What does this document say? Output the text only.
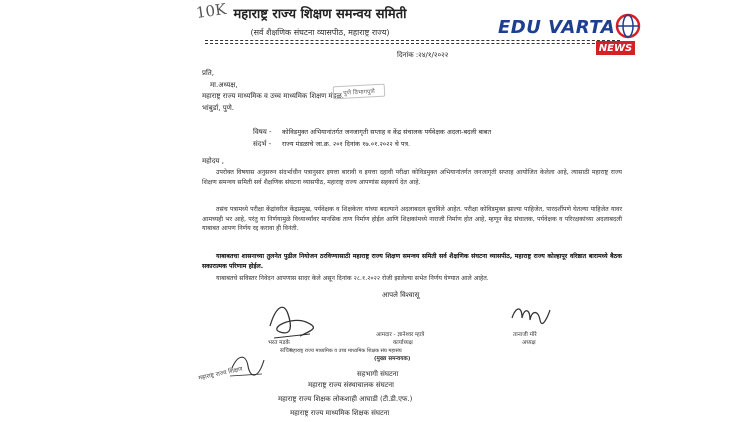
10K महाराष्ट्र राज्य शिक्षण समन्वय समिती
(सर्व शैक्षणिक संघटना व्यासपीठ, महाराष्ट्र राज्य)	EDU VARTA
NEWS
दिनांक :२४/१/२०२२
प्रति,
मा.अध्यक्ष,
महाराष्ट्र राज्य माध्यमिक व उच्च माध्यमिक शिक्षण मंडळ, पुणे विभागपुणे
भांबुर्डा, पुणे.
विषय - कोविडमुक्त अभियानांतर्गत जनजागृती सप्ताह व केंद्र संचालक पर्यवेक्षक अदला-बदली बाबत
संदर्भ - राज्य मंडळाचे जा.क्र. २०१ दिनांक १७.०१.२०२२ चे पत्र.
महोदय ,
उपरोक्त विषयास अनुसरुन संदर्भाधीन पत्रानुसार इयत्ता बारावी व इयत्ता दहावी परीक्षा कोविडमुक्त अभियानांतर्गत जनजागृती सप्ताह आयोजित केलेला आहे, त्यासाठी महाराष्ट्र राज्य शिक्षण समन्वय समिती सर्व शैक्षणिक संघटना व्यासपीठ, महाराष्ट्र राज्य आपणांस सहकार्य देत आहे.
तसंच पत्रामध्ये परीक्षा केंद्रांवरील केंद्रप्रमुख, पर्यवेक्षक व शिक्षकेतर यांच्या बदल्याने अदलाबदल सुचविले आहेत. परीक्षा कोविडमुक्त झाल्या पाहिजेत, पारदर्शीपणे घेतल्या पाहिजेत यावर आमच्यही भर आहे, परंतु या निर्णयामुळे विध्यार्थ्यांवर मानसिक ताण निर्माण होईल आणि शिक्षकांमध्ये नाराजी निर्माण होत आहे, म्हणून केंद्र संचालक, पर्यवेक्षक व परिरक्षकांच्या अदलाबदली याबाबत आपण निर्णय रद्द करावा ही विनंती.
याबाबतचा शासनाच्या तुलनेत पुढील नियोजन ठरविण्यासाठी महाराष्ट्र राज्य शिक्षण समन्वय समिती सर्व शैक्षणिक संघटना व्यासपीठ, महाराष्ट्र राज्य कोल्हापूर वरिष्ठात बारामध्ये बैठक सकारात्मक परिणाम होईल.
याबाबतचे सविस्तर निवेदन आपणास सादर केले असून दिनांक २८.१.२०२२ रोजी झालेल्या सभेत निर्णय घेण्यात आले आहेत.
आपले विश्वासू
भरत मडके
सचिव
आमदार - ज्ञानेश्वर म्हात्रे
कार्याध्यक्ष
तानाजी मोरे
अध्यक्ष
महाराष्ट्र राज्य माध्यमिक व उच्च माध्यमिक शिक्षक संघ महासंघ
(मुख्य समन्वयक)
सहभागी संघटना
महाराष्ट्र राज्य संस्थाचालक संघटना
महाराष्ट्र राज्य शिक्षक लोकशाही आघाडी (टी.डी.एफ.)
महाराष्ट्र राज्य माध्यमिक शिक्षक संघटना
महाराष्ट्र राज्य शिक्षण
